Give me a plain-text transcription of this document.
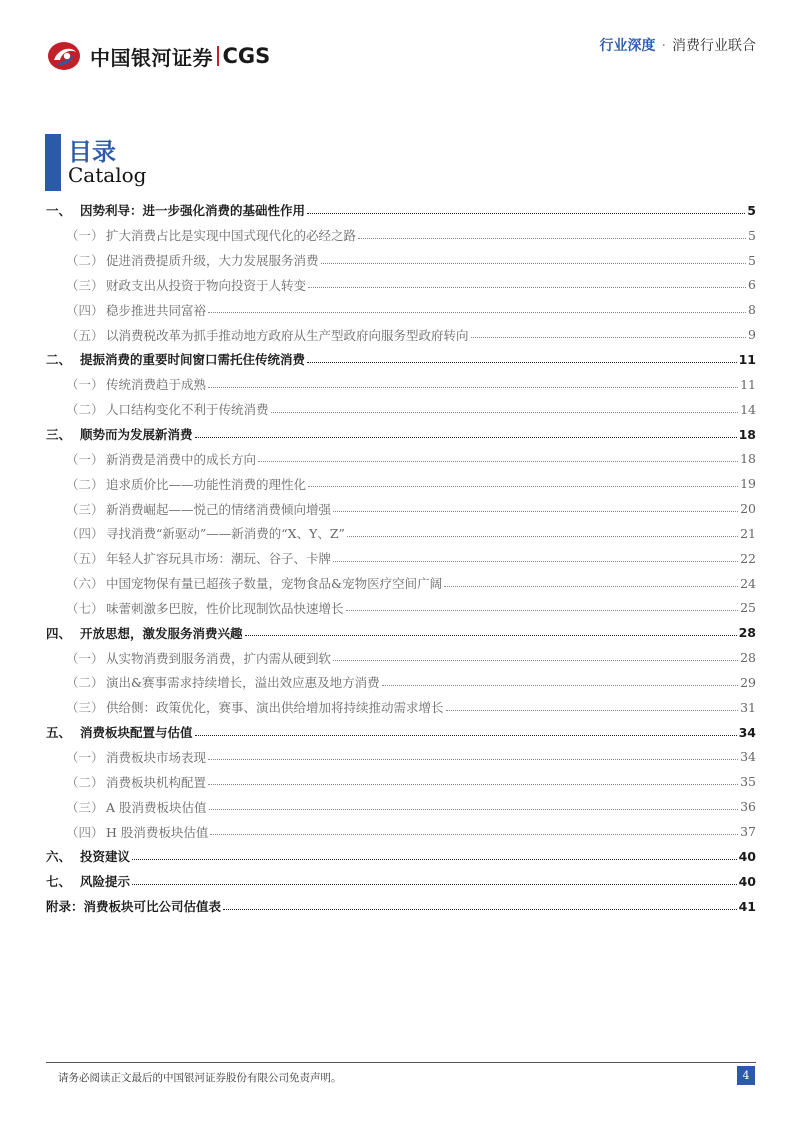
中国银河证券 CGS	行业深度 · 消费行业联合
目录
Catalog
一、 因势利导：进一步强化消费的基础性作用	5
（一） 扩大消费占比是实现中国式现代化的必经之路	5
（二） 促进消费提质升级，大力发展服务消费	5
（三） 财政支出从投资于物向投资于人转变	6
（四） 稳步推进共同富裕	8
（五） 以消费税改革为抓手推动地方政府从生产型政府向服务型政府转向	9
二、 提振消费的重要时间窗口需托住传统消费	11
（一） 传统消费趋于成熟	11
（二） 人口结构变化不利于传统消费	14
三、 顺势而为发展新消费	18
（一） 新消费是消费中的成长方向	18
（二） 追求质价比——功能性消费的理性化	19
（三） 新消费崛起——悦己的情绪消费倾向增强	20
（四） 寻找消费“新驱动”——新消费的“X、Y、Z”	21
（五） 年轻人扩容玩具市场：潮玩、谷子、卡牌	22
（六） 中国宠物保有量已超孩子数量，宠物食品&宠物医疗空间广阔	24
（七） 味蕾刺激多巴胺，性价比现制饮品快速增长	25
四、 开放思想，激发服务消费兴趣	28
（一） 从实物消费到服务消费，扩内需从硬到软	28
（二） 演出&赛事需求持续增长，溢出效应惠及地方消费	29
（三） 供给侧：政策优化，赛事、演出供给增加将持续推动需求增长	31
五、 消费板块配置与估值	34
（一） 消费板块市场表现	34
（二） 消费板块机构配置	35
（三） A 股消费板块估值	36
（四） H 股消费板块估值	37
六、 投资建议	40
七、 风险提示	40
附录：消费板块可比公司估值表	41
请务必阅读正文最后的中国银河证券股份有限公司免责声明。	4
